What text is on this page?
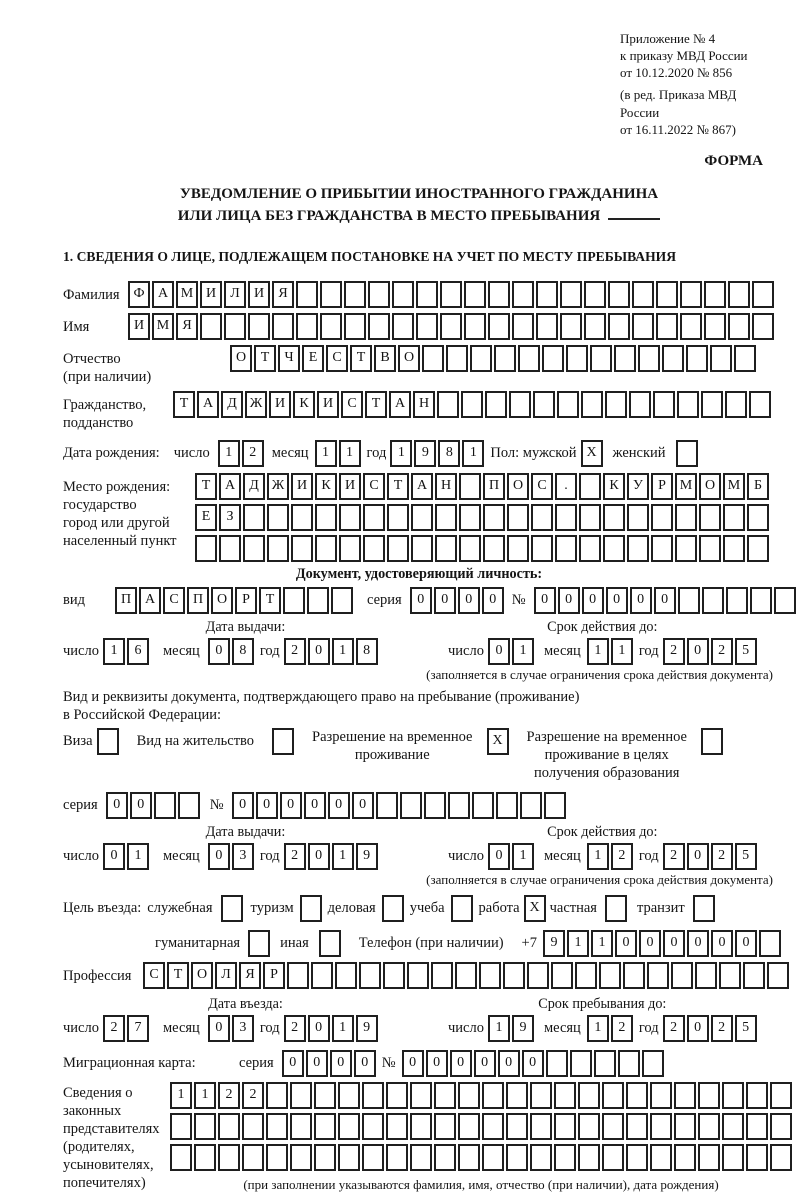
Приложение № 4
к приказу МВД России
от 10.12.2020 № 856
(в ред. Приказа МВД России
от 16.11.2022 № 867)
ФОРМА
УВЕДОМЛЕНИЕ О ПРИБЫТИИ ИНОСТРАННОГО ГРАЖДАНИНА
ИЛИ ЛИЦА БЕЗ ГРАЖДАНСТВА В МЕСТО ПРЕБЫВАНИЯ
1. СВЕДЕНИЯ О ЛИЦЕ, ПОДЛЕЖАЩЕМ ПОСТАНОВКЕ НА УЧЕТ ПО МЕСТУ ПРЕБЫВАНИЯ
Фамилия Ф А М И	Л	И	Я
Имя	И М Я
Отчество
(при наличии)
О	Т	Ч	Е	С	Т	В	О
Гражданство,
подданство
Т	А	Д Ж И	К	И	С	Т	А Н
Дата рождения: число	1	2	месяц 1	1 год 1	9	8	1 Пол: мужской X	женский
Место рождения:
государство
город или другой
населенный пункт
Т	А	Д Ж И	К	И	С	Т	А Н	П О	С	.	К	У	Р М О М Б
Е	З
Документ, удостоверяющий личность:
вид	П А	С	П О	Р	Т	серия	0	0	0	0	№	0	0	0	0	0	0
Дата выдачи:
число 1	6	месяц	0	8 год 2	0	1	8
Срок действия до:
число 0	1	месяц 1	1 год 2	0	2	5
(заполняется в случае ограничения срока действия документа)
Вид и реквизиты документа, подтверждающего право на пребывание (проживание)
в Российской Федерации:
Виза	Вид на жительство	Разрешение на временное
проживание
X	Разрешение на временное
проживание в целях
получения образования
серия	0	0	№	0	0	0	0	0	0
Дата выдачи:
число 0	1	месяц	0	3 год 2	0	1	9
Срок действия до:
число 0	1	месяц 1	2 год 2	0	2	5
(заполняется в случае ограничения срока действия документа)
Цель въезда: служебная	туризм деловая учеба работа X частная	транзит
гуманитарная	иная	Телефон (при наличии) +7 9	1	1	0	0	0	0	0	0
Профессия	С	Т	О	Л	Я	Р
Дата въезда:
число 2	7	месяц	0	3 год 2	0	1	9
Срок пребывания до:
число 1	9	месяц 1	2 год 2	0	2	5
Миграционная карта:	серия	0	0	0	0 № 0	0	0	0	0	0
Сведения о
законных
представителях
(родителях,
усыновителях,
попечителях)
1	1	2	2
(при заполнении указываются фамилия, имя, отчество (при наличии), дата рождения)
